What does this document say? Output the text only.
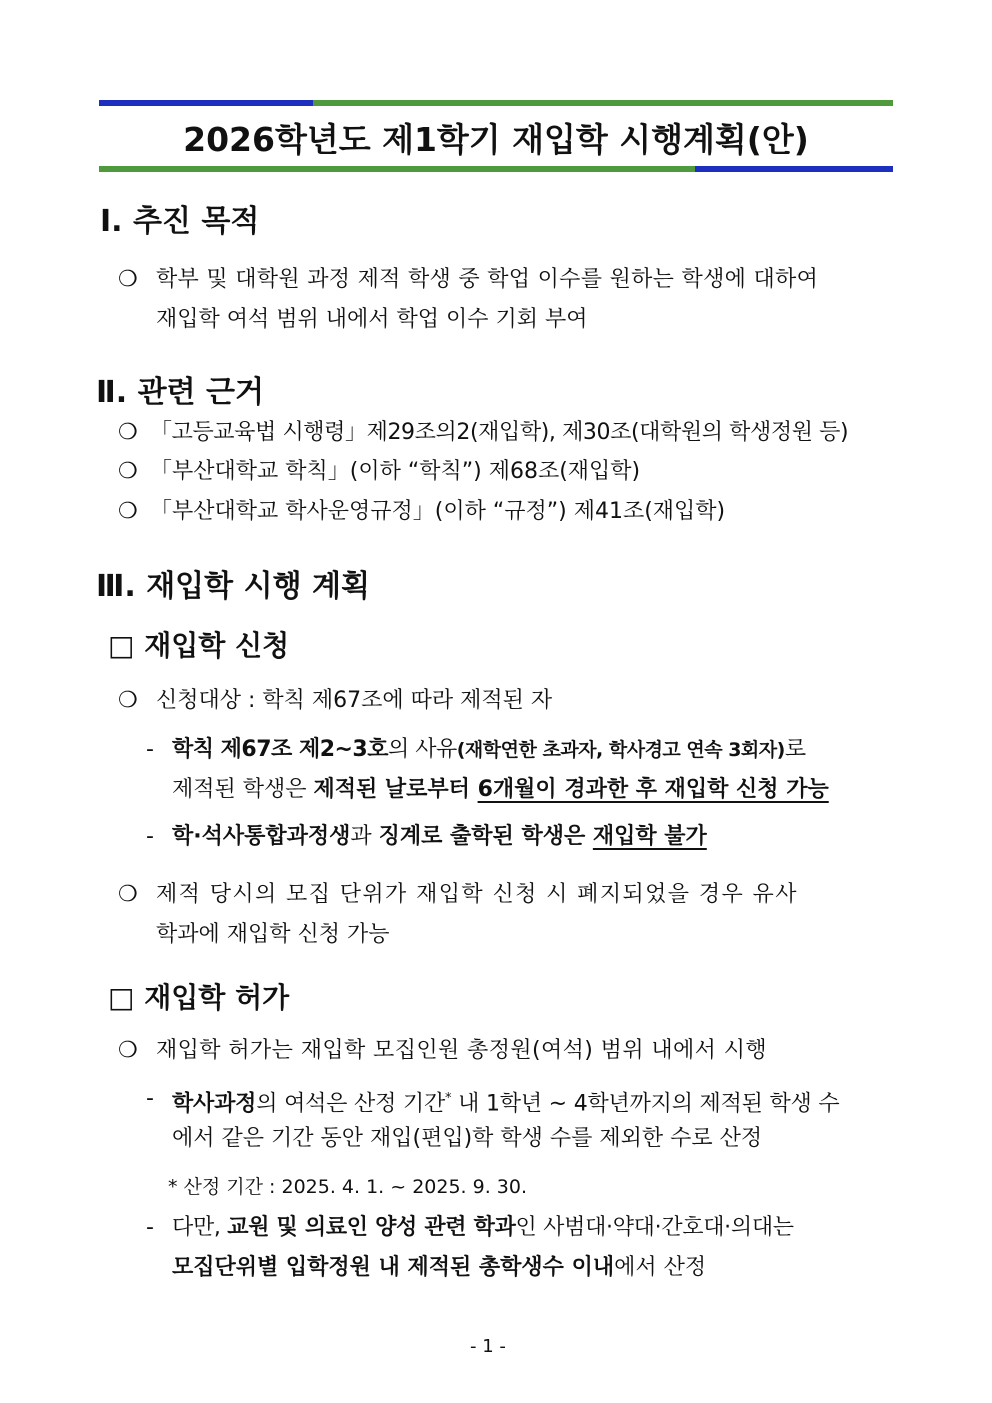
2026학년도 제1학기 재입학 시행계획(안)
Ⅰ. 추진 목적
❍ 학부 및 대학원 과정 제적 학생 중 학업 이수를 원하는 학생에 대하여
재입학 여석 범위 내에서 학업 이수 기회 부여
Ⅱ. 관련 근거
❍ 「고등교육법 시행령」제29조의2(재입학), 제30조(대학원의 학생정원 등)
❍ 「부산대학교 학칙」(이하 “학칙”) 제68조(재입학)
❍ 「부산대학교 학사운영규정」(이하 “규정”) 제41조(재입학)
Ⅲ. 재입학 시행 계획
□ 재입학 신청
❍ 신청대상 : 학칙 제67조에 따라 제적된 자
- 학칙 제67조 제2~3호의 사유(재학연한 초과자, 학사경고 연속 3회자)로
제적된 학생은 제적된 날로부터 6개월이 경과한 후 재입학 신청 가능
- 학·석사통합과정생과 징계로 출학된 학생은 재입학 불가
❍ 제적 당시의 모집 단위가 재입학 신청 시 폐지되었을 경우 유사
학과에 재입학 신청 가능
□ 재입학 허가
❍ 재입학 허가는 재입학 모집인원 총정원(여석) 범위 내에서 시행
- 학사과정의 여석은 산정 기간* 내 1학년 ~ 4학년까지의 제적된 학생 수
에서 같은 기간 동안 재입(편입)학 학생 수를 제외한 수로 산정
* 산정 기간 : 2025. 4. 1. ~ 2025. 9. 30.
- 다만, 교원 및 의료인 양성 관련 학과인 사범대·약대·간호대·의대는
모집단위별 입학정원 내 제적된 총학생수 이내에서 산정
- 1 -
